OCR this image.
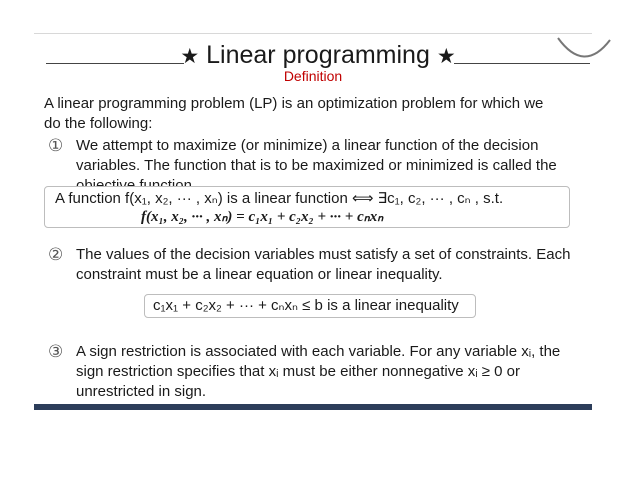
★ Linear programming ★
Definition
A linear programming problem (LP) is an optimization problem for which we do the following:
① We attempt to maximize (or minimize) a linear function of the decision variables. The function that is to be maximized or minimized is called the
A function f(x₁, x₂, ··· , xₙ) is a linear function ⟺ ∃c₁, c₂, ··· , cₙ , s.t.
f(x₁, x₂, ··· , xₙ) = c₁x₁ + c₂x₂ + ··· + cₙxₙ
② The values of the decision variables must satisfy a set of constraints. Each constraint must be a linear equation or linear inequality.
c₁x₁ + c₂x₂ + ··· + cₙxₙ ≤ b is a linear inequality
③ A sign restriction is associated with each variable. For any variable xᵢ, the sign restriction specifies that xᵢ must be either nonnegative xᵢ ≥ 0 or unrestricted in sign.
